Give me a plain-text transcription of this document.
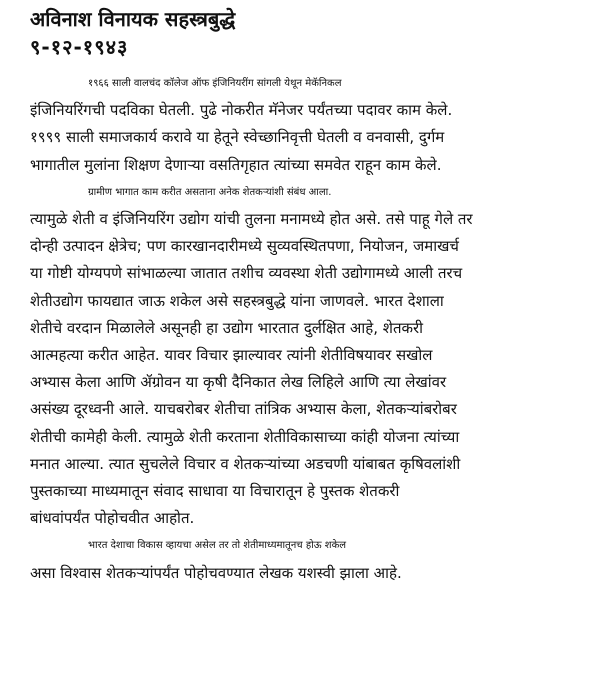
अविनाश विनायक सहस्त्रबुद्धे
९-१२-१९४३

१९६६ साली वालचंद कॉलेज ऑफ इंजिनियरींग सांगली येथून मेकॅनिकल
इंजिनियरिंगची पदविका घेतली. पुढे नोकरीत मॅनेजर पर्यंतच्या पदावर काम केले.
१९९९ साली समाजकार्य करावे या हेतूने स्वेच्छानिवृत्ती घेतली व वनवासी, दुर्गम
भागातील मुलांना शिक्षण देणाऱ्या वसतिगृहात त्यांच्या समवेत राहून काम केले.

ग्रामीण भागात काम करीत असताना अनेक शेतकऱ्यांशी संबंध आला.
त्यामुळे शेती व इंजिनियरिंग उद्योग यांची तुलना मनामध्ये होत असे. तसे पाहू गेले तर
दोन्ही उत्पादन क्षेत्रेच; पण कारखानदारीमध्ये सुव्यवस्थितपणा, नियोजन, जमाखर्च
या गोष्टी योग्यपणे सांभाळल्या जातात तशीच व्यवस्था शेती उद्योगामध्ये आली तरच
शेतीउद्योग फायद्यात जाऊ शकेल असे सहस्त्रबुद्धे यांना जाणवले. भारत देशाला
शेतीचे वरदान मिळालेले असूनही हा उद्योग भारतात दुर्लक्षित आहे, शेतकरी
आत्महत्या करीत आहेत. यावर विचार झाल्यावर त्यांनी शेतीविषयावर सखोल
अभ्यास केला आणि ॲग्रोवन या कृषी दैनिकात लेख लिहिले आणि त्या लेखांवर
असंख्य दूरध्वनी आले. याचबरोबर शेतीचा तांत्रिक अभ्यास केला, शेतकऱ्यांबरोबर
शेतीची कामेही केली. त्यामुळे शेती करताना शेतीविकासाच्या कांही योजना त्यांच्या
मनात आल्या. त्यात सुचलेले विचार व शेतकऱ्यांच्या अडचणी यांबाबत कृषिवलांशी
पुस्तकाच्या माध्यमातून संवाद साधावा या विचारातून हे पुस्तक शेतकरी
बांधवांपर्यंत पोहोचवीत आहोत.

भारत देशाचा विकास व्हायचा असेल तर तो शेतीमाध्यमातूनच होऊ शकेल
असा विश्वास शेतकऱ्यांपर्यंत पोहोचवण्यात लेखक यशस्वी झाला आहे.
